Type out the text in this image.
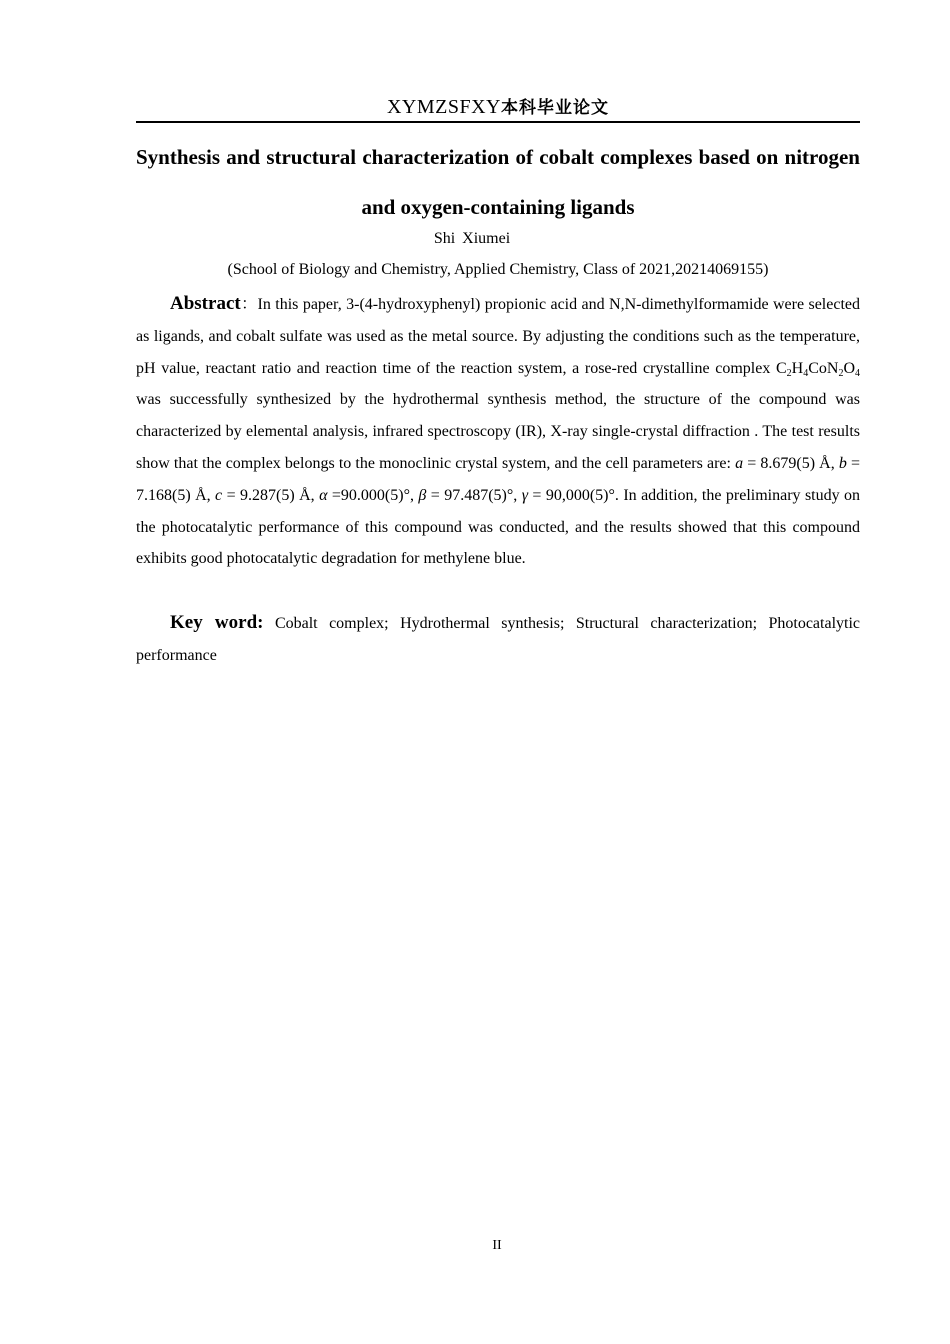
XYMZSFXY本科毕业论文
Synthesis and structural characterization of cobalt complexes based on nitrogen and oxygen-containing ligands
Shi Xiumei
(School of Biology and Chemistry, Applied Chemistry, Class of 2021,20214069155)
Abstract：In this paper, 3-(4-hydroxyphenyl) propionic acid and N,N-dimethylformamide were selected as ligands, and cobalt sulfate was used as the metal source. By adjusting the conditions such as the temperature, pH value, reactant ratio and reaction time of the reaction system, a rose-red crystalline complex $C_2H_4CoN_2O_4$ was successfully synthesized by the hydrothermal synthesis method, the structure of the compound was characterized by elemental analysis, infrared spectroscopy (IR), X-ray single-crystal diffraction . The test results show that the complex belongs to the monoclinic crystal system, and the cell parameters are: a = 8.679(5) Å, b = 7.168(5) Å, c = 9.287(5) Å, α =90.000(5)°, β = 97.487(5)°, γ = 90,000(5)°. In addition, the preliminary study on the photocatalytic performance of this compound was conducted, and the results showed that this compound exhibits good photocatalytic degradation for methylene blue.
Key word: Cobalt complex; Hydrothermal synthesis; Structural characterization; Photocatalytic performance
II
